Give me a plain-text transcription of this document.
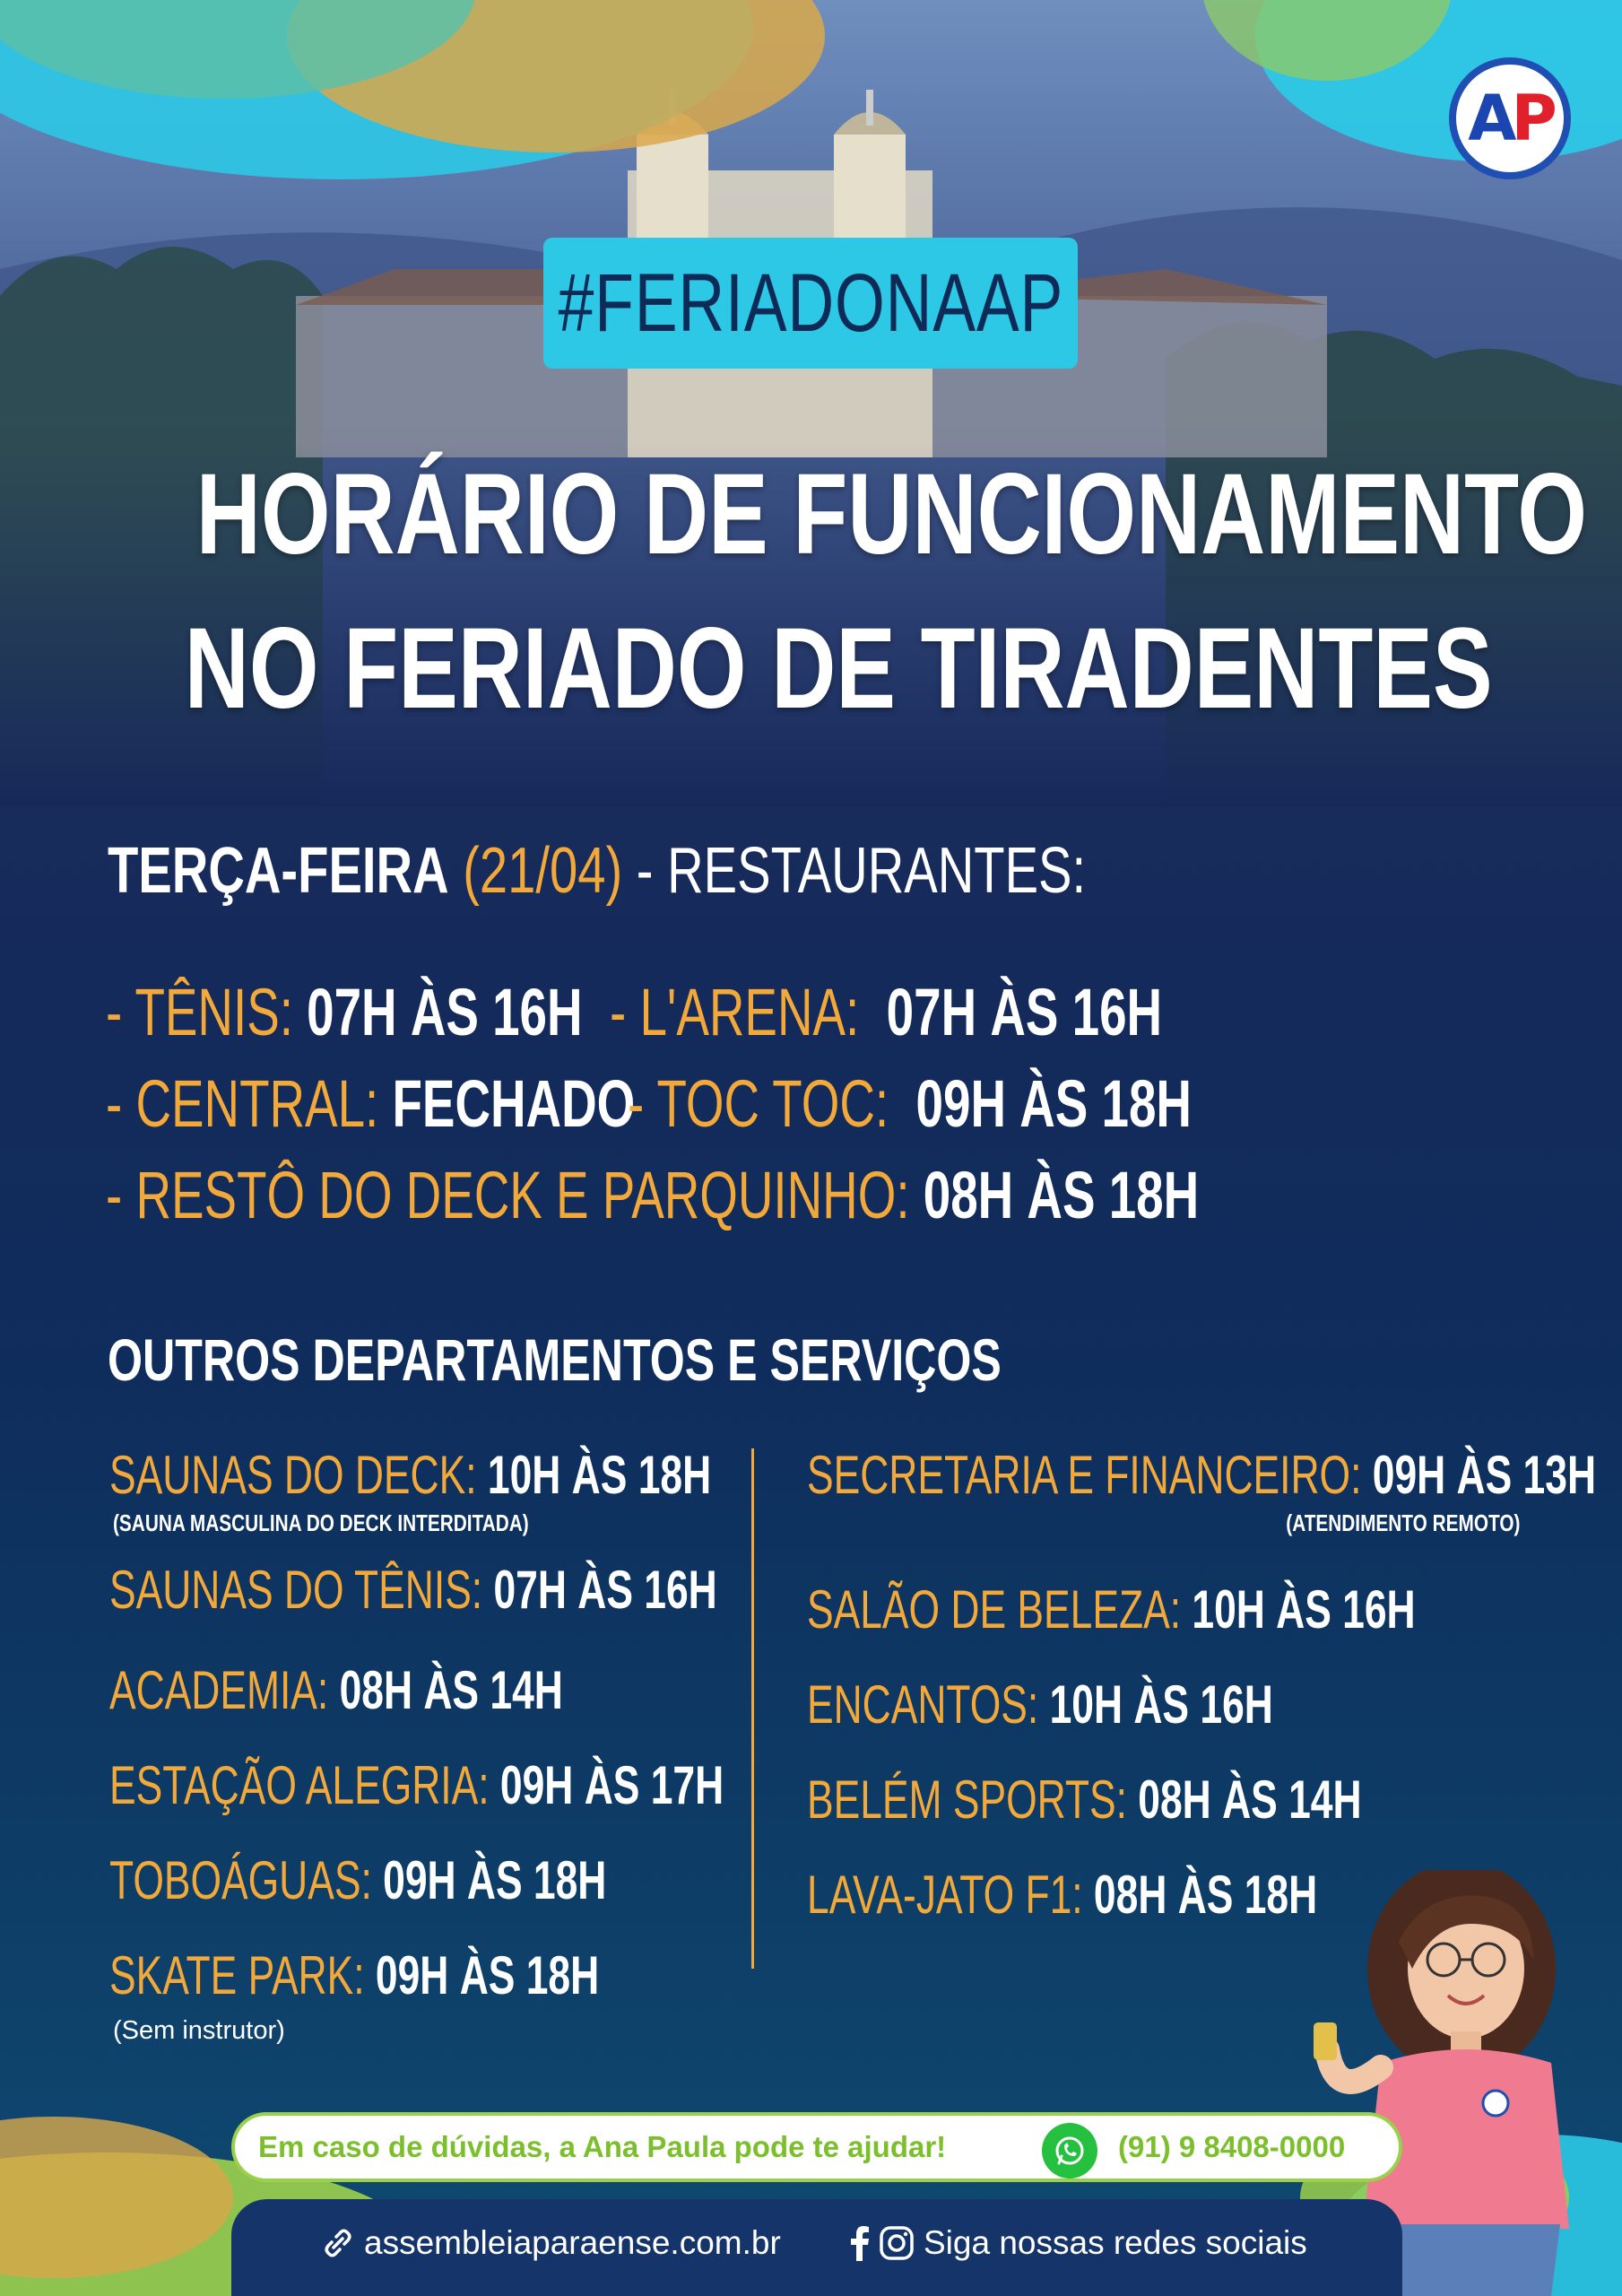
AP
#FERIADONAAP
HORÁRIO DE FUNCIONAMENTO
NO FERIADO DE TIRADENTES
TERÇA-FEIRA (21/04) - RESTAURANTES:
- TÊNIS: 07H ÀS 16H - L'ARENA: 07H ÀS 16H
- CENTRAL: FECHADO
- TOC TOC: 09H ÀS 18H
- RESTÔ DO DECK E PARQUINHO: 08H ÀS 18H
OUTROS DEPARTAMENTOS E SERVIÇOS
SAUNAS DO DECK: 10H ÀS 18H
(SAUNA MASCULINA DO DECK INTERDITADA)
SAUNAS DO TÊNIS: 07H ÀS 16H
ACADEMIA: 08H ÀS 14H
ESTAÇÃO ALEGRIA: 09H ÀS 17H
TOBOÁGUAS: 09H ÀS 18H
SKATE PARK: 09H ÀS 18H
(Sem instrutor)
SECRETARIA E FINANCEIRO: 09H ÀS 13H
(ATENDIMENTO REMOTO)
SALÃO DE BELEZA: 10H ÀS 16H
ENCANTOS: 10H ÀS 16H
BELÉM SPORTS: 08H ÀS 14H
LAVA-JATO F1: 08H ÀS 18H
Em caso de dúvidas, a Ana Paula pode te ajudar!	(91) 9 8408-0000
assembleiaparaense.com.br	Siga nossas redes sociais
